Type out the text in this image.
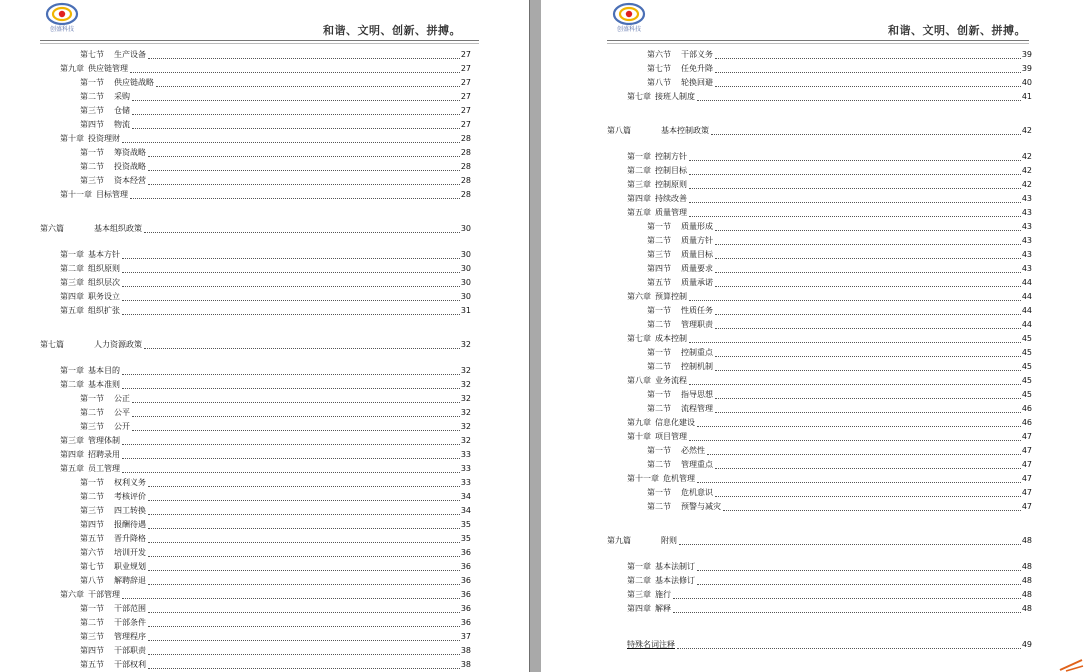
创盛科技	和谐、文明、创新、拼搏。
第七节 生产设备	27
第九章 供应链管理	27
第一节 供应链战略	27
第二节 采购	27
第三节 仓储	27
第四节 物流	27
第十章 投资理财	28
第一节 筹资战略	28
第二节 投资战略	28
第三节 资本经营	28
第十一章 目标管理	28
第六篇	基本组织政策	30
第一章 基本方针	30
第二章 组织原则	30
第三章 组织层次	30
第四章 职务设立	30
第五章 组织扩张	31
第七篇	人力资源政策	32
第一章 基本目的	32
第二章 基本准则	32
第一节 公正	32
第二节 公平	32
第三节 公开	32
第三章 管理体制	32
第四章 招聘录用	33
第五章 员工管理	33
第一节 权利义务	33
第二节 考核评价	34
第三节 四工转换	34
第四节 报酬待遇	35
第五节 晋升降格	35
第六节 培训开发	36
第七节 职业规划	36
第八节 解聘辞退	36
第六章 干部管理	36
第一节 干部范围	36
第二节 干部条件	36
第三节 管理程序	37
第四节 干部职责	38
第五节 干部权利	38
创盛科技	和谐、文明、创新、拼搏。
第六节 干部义务	39
第七节 任免升降	39
第八节 轮换回避	40
第七章 接班人制度	41
第八篇	基本控制政策	42
第一章 控制方针	42
第二章 控制目标	42
第三章 控制原则	42
第四章 持续改善	43
第五章 质量管理	43
第一节 质量形成	43
第二节 质量方针	43
第三节 质量目标	43
第四节 质量要求	43
第五节 质量承诺	44
第六章 预算控制	44
第一节 性质任务	44
第二节 管理职责	44
第七章 成本控制	45
第一节 控制重点	45
第二节 控制机制	45
第八章 业务流程	45
第一节 指导思想	45
第二节 流程管理	46
第九章 信息化建设	46
第十章 项目管理	47
第一节 必然性	47
第二节 管理重点	47
第十一章 危机管理	47
第一节 危机意识	47
第二节 预警与减灾	47
第九篇	附则	48
第一章 基本法制订	48
第二章 基本法修订	48
第三章 施行	48
第四章 解释	48
特殊名词注释	49
